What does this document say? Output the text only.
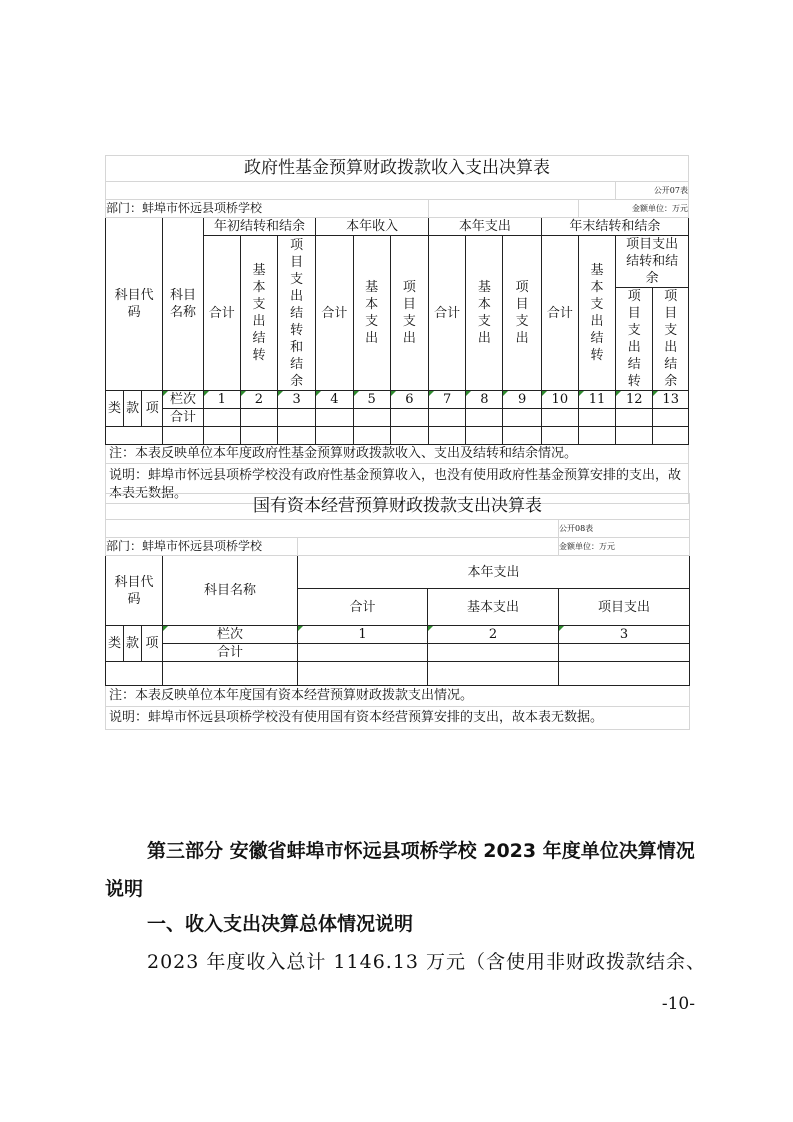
政府性基金预算财政拨款收入支出决算表																
															公开07表	
部门：蚌埠市怀远县项桥学校														金额单位：万元		
科目代码			科目名称	年初结转和结余			本年收入			本年支出			年末结转和结余			
				合计	基本支出结转	项目支出结转和结余	合计	基本支出	项目支出	合计	基本支出	项目支出	合计	基本支出结转	项目支出结转和结余	
															项目支出结转	项目支出结余
类	款	项	栏次	1	2	3	4	5	6	7	8	9	10	11	12	13
			合计													

注：本表反映单位本年度政府性基金预算财政拨款收入、支出及结转和结余情况。																
说明：蚌埠市怀远县项桥学校没有政府性基金预算收入，也没有使用政府性基金预算安排的支出，故本表无数据。																
国有资本经营预算财政拨款支出决算表						
						公开08表
部门：蚌埠市怀远县项桥学校						金额单位：万元
科目代码			科目名称	本年支出		
				合计	基本支出	项目支出
类	款	项	栏次	1	2	3
			合计			

注：本表反映单位本年度国有资本经营预算财政拨款支出情况。						
说明：蚌埠市怀远县项桥学校没有使用国有资本经营预算安排的支出，故本表无数据。						
第三部分 安徽省蚌埠市怀远县项桥学校 2023 年度单位决算情况说明
一、收入支出决算总体情况说明
2023 年度收入总计 1146.13 万元（含使用非财政拨款结余、
-10-
